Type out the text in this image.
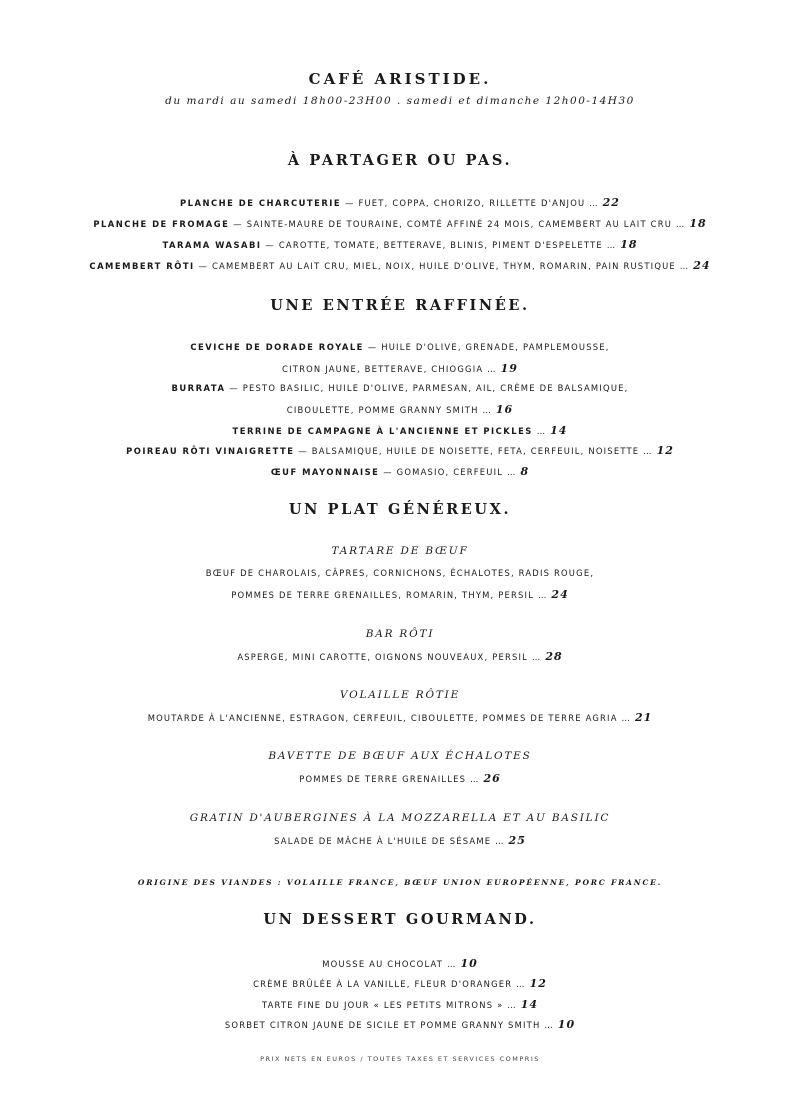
CAFÉ ARISTIDE.
du mardi au samedi 18h00-23H00 . samedi et dimanche 12h00-14H30
À PARTAGER OU PAS.
PLANCHE DE CHARCUTERIE — FUET, COPPA, CHORIZO, RILLETTE D'ANJOU … 22
PLANCHE DE FROMAGE — SAINTE-MAURE DE TOURAINE, COMTÉ AFFINÉ 24 MOIS, CAMEMBERT AU LAIT CRU … 18
TARAMA WASABI — CAROTTE, TOMATE, BETTERAVE, BLINIS, PIMENT D'ESPELETTE … 18
CAMEMBERT RÔTI — CAMEMBERT AU LAIT CRU, MIEL, NOIX, HUILE D'OLIVE, THYM, ROMARIN, PAIN RUSTIQUE … 24
UNE ENTRÉE RAFFINÉE.
CEVICHE DE DORADE ROYALE — HUILE D'OLIVE, GRENADE, PAMPLEMOUSSE,
CITRON JAUNE, BETTERAVE, CHIOGGIA … 19
BURRATA — PESTO BASILIC, HUILE D'OLIVE, PARMESAN, AIL, CRÈME DE BALSAMIQUE,
CIBOULETTE, POMME GRANNY SMITH … 16
TERRINE DE CAMPAGNE À L'ANCIENNE ET PICKLES … 14
POIREAU RÔTI VINAIGRETTE — BALSAMIQUE, HUILE DE NOISETTE, FETA, CERFEUIL, NOISETTE … 12
ŒUF MAYONNAISE — GOMASIO, CERFEUIL … 8
UN PLAT GÉNÉREUX.
TARTARE DE BŒUF
BŒUF DE CHAROLAIS, CÂPRES, CORNICHONS, ÉCHALOTES, RADIS ROUGE,
POMMES DE TERRE GRENAILLES, ROMARIN, THYM, PERSIL … 24
BAR RÔTI
ASPERGE, MINI CAROTTE, OIGNONS NOUVEAUX, PERSIL … 28
VOLAILLE RÔTIE
MOUTARDE À L'ANCIENNE, ESTRAGON, CERFEUIL, CIBOULETTE, POMMES DE TERRE AGRIA … 21
BAVETTE DE BŒUF AUX ÉCHALOTES
POMMES DE TERRE GRENAILLES … 26
GRATIN D'AUBERGINES À LA MOZZARELLA ET AU BASILIC
SALADE DE MÂCHE À L'HUILE DE SÉSAME … 25
ORIGINE DES VIANDES : VOLAILLE FRANCE, BŒUF UNION EUROPÉENNE, PORC FRANCE.
UN DESSERT GOURMAND.
MOUSSE AU CHOCOLAT … 10
CRÈME BRÛLÉE À LA VANILLE, FLEUR D'ORANGER … 12
TARTE FINE DU JOUR « LES PETITS MITRONS » … 14
SORBET CITRON JAUNE DE SICILE ET POMME GRANNY SMITH … 10
PRIX NETS EN EUROS / TOUTES TAXES ET SERVICES COMPRIS
